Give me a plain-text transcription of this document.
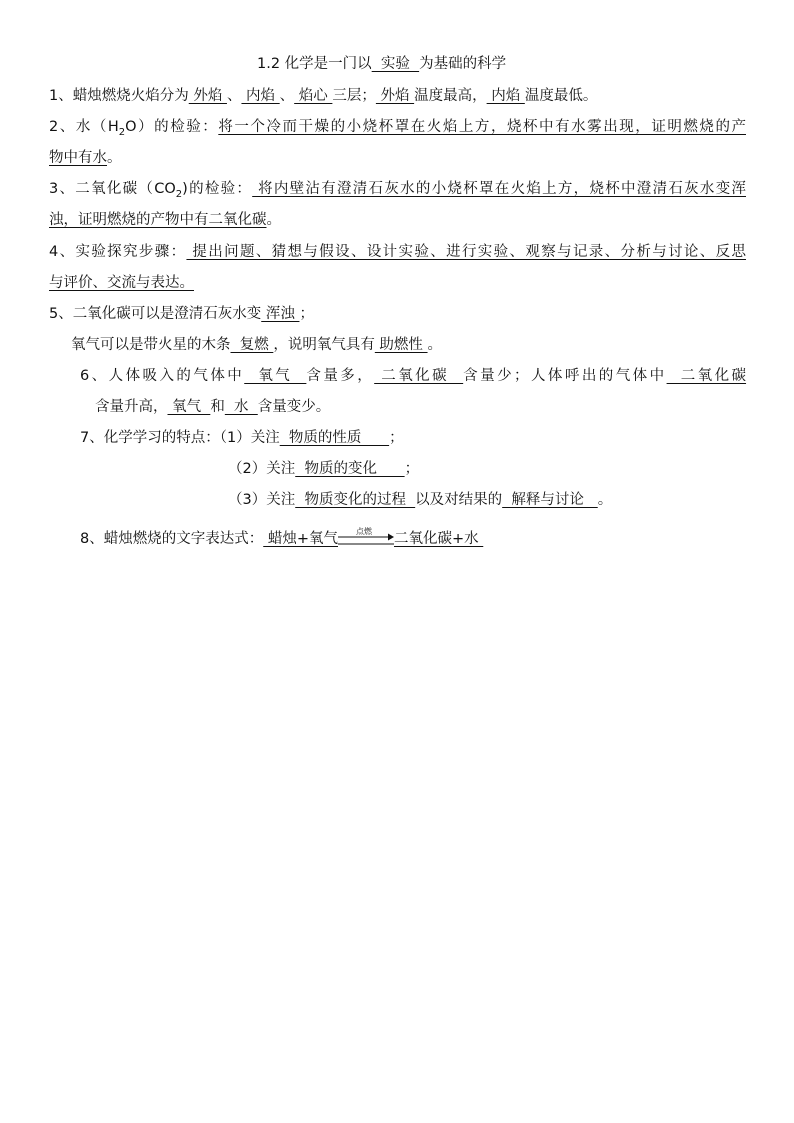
1.2 化学是一门以  实验  为基础的科学
1、蜡烛燃烧火焰分为 外焰 、 内焰 、 焰心 三层； 外焰 温度最高， 内焰 温度最低。
2、水$(H_2O)$的检验：将一个冷而干燥的小烧杯罩在火焰上方，烧杯中有水雾出现，证明燃烧的产
物中有水。
3、二氧化碳$(CO_2)$的检验： 将内壁沾有澄清石灰水的小烧杯罩在火焰上方，烧杯中澄清石灰水变浑
浊，证明燃烧的产物中有二氧化碳。
4、实验探究步骤： 提出问题、猜想与假设、设计实验、进行实验、观察与记录、分析与讨论、反思
与评价、交流与表达。
5、二氧化碳可以是澄清石灰水变 浑浊 ；
氧气可以是带火星的木条  复燃 ，说明氧气具有 助燃性 。
6、人体吸入的气体中  氧气  含量多， 二氧化碳  含量少；人体呼出的气体中  二氧化碳
含量升高， 氧气  和  水  含量变少。
7、化学学习的特点：（1）关注  物质的性质      ；
（2）关注  物质的变化      ；
（3）关注  物质变化的过程  以及对结果的  解释与讨论   。
8、蜡烛燃烧的文字表达式： 蜡烛+氧气 点燃 二氧化碳+水
